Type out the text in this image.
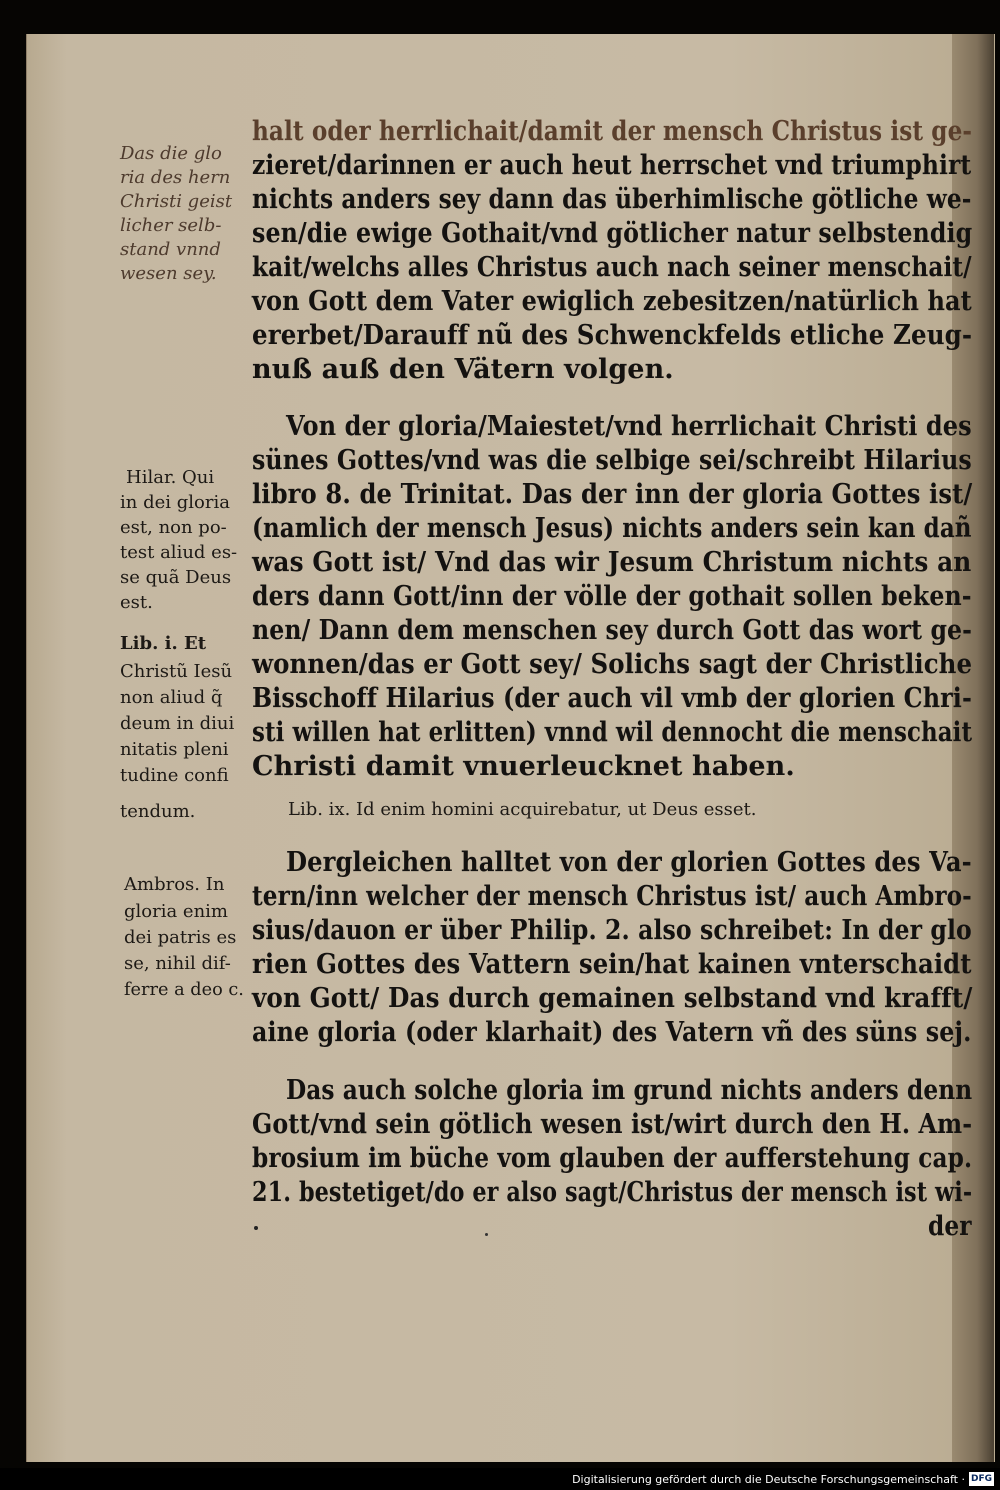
Das die glo
ria des hern
Christi geist
licher selb-
stand vnnd
wesen sey.
Hilar. Qui
in dei gloria
est, non po-
test aliud es-
se quã Deus
est.
Lib. i. Et
Christũ Iesũ
non aliud q̃
deum in diui
nitatis pleni
tudine confi
tendum.
Ambros. In
gloria enim
dei patris es
se, nihil dif-
ferre a deo c.
halt oder herrlichait/damit der mensch Christus ist ge-
zieret/darinnen er auch heut herrschet vnd triumphirt
nichts anders sey dann das überhimlische götliche we-
sen/die ewige Gothait/vnd götlicher natur selbstendig
kait/welchs alles Christus auch nach seiner menschait/
von Gott dem Vater ewiglich zebesitzen/natürlich hat
ererbet/Darauff nũ des Schwenckfelds etliche Zeug-
nuß auß den Vätern volgen.
Von der gloria/Maiestet/vnd herrlichait Christi des
sünes Gottes/vnd was die selbige sei/schreibt Hilarius
libro 8. de Trinitat. Das der inn der gloria Gottes ist/
(namlich der mensch Jesus) nichts anders sein kan dañ
was Gott ist/ Vnd das wir Jesum Christum nichts an
ders dann Gott/inn der völle der gothait sollen beken-
nen/ Dann dem menschen sey durch Gott das wort ge-
wonnen/das er Gott sey/ Solichs sagt der Christliche
Bisschoff Hilarius (der auch vil vmb der glorien Chri-
sti willen hat erlitten) vnnd wil dennocht die menschait
Christi damit vnuerleucknet haben.
Lib. ix. Id enim homini acquirebatur, ut Deus esset.
Dergleichen halltet von der glorien Gottes des Va-
tern/inn welcher der mensch Christus ist/ auch Ambro-
sius/dauon er über Philip. 2. also schreibet: In der glo
rien Gottes des Vattern sein/hat kainen vnterschaidt
von Gott/ Das durch gemainen selbstand vnd krafft/
aine gloria (oder klarhait) des Vatern vñ des süns sej.
Das auch solche gloria im grund nichts anders denn
Gott/vnd sein götlich wesen ist/wirt durch den H. Am-
brosium im büche vom glauben der aufferstehung cap.
21. bestetiget/do er also sagt/Christus der mensch ist wi-
der
Digitalisierung gefördert durch die Deutsche Forschungsgemeinschaft · DFG
